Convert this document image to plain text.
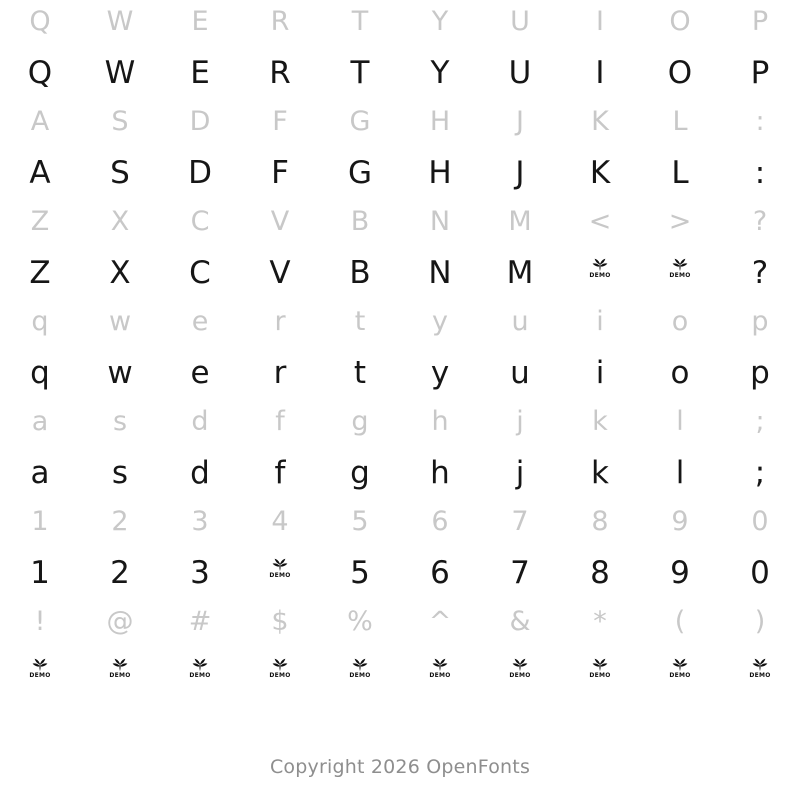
Q
Q
W
W
E
E
R
R
T
T
Y
Y
U
U
I
I
O
O
P
P
A
A
S
S
D
D
F
F
G
G
H
H
J
J
K
K
L
L
:
:
Z
Z
X
X
C
C
V
V
B
B
N
N
M
M
<
DEMO
>
DEMO
?
?
q
q
w
w
e
e
r
r
t
t
y
y
u
u
i
i
o
o
p
p
a
a
s
s
d
d
f
f
g
g
h
h
j
j
k
k
l
l
;
;
1
1
2
2
3
3
4
DEMO
5
5
6
6
7
7
8
8
9
9
0
0
!
DEMO
@
DEMO
#
DEMO
$
DEMO
%
DEMO
^
DEMO
&
DEMO
*
DEMO
(
DEMO
)
DEMO
Copyright 2026 OpenFonts
